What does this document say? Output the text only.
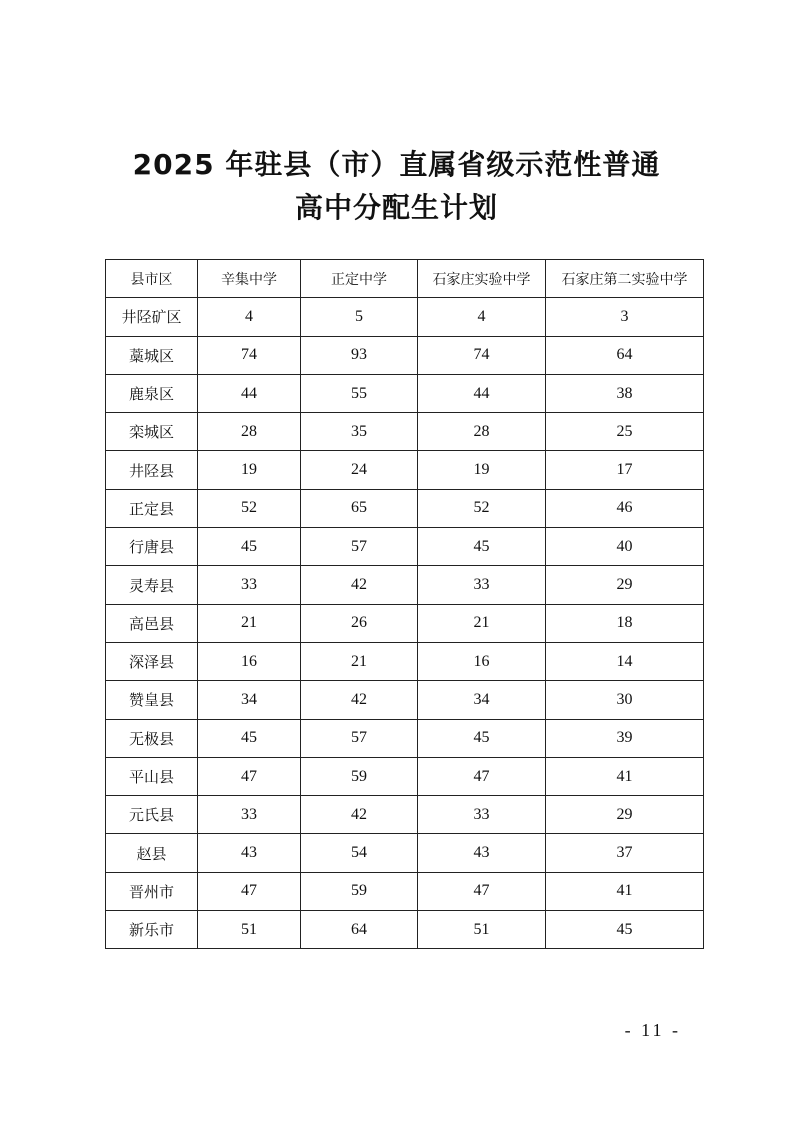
2025 年驻县（市）直属省级示范性普通
高中分配生计划
县市区	辛集中学	正定中学	石家庄实验中学	石家庄第二实验中学
井陉矿区	4	5	4	3
藁城区	74	93	74	64
鹿泉区	44	55	44	38
栾城区	28	35	28	25
井陉县	19	24	19	17
正定县	52	65	52	46
行唐县	45	57	45	40
灵寿县	33	42	33	29
高邑县	21	26	21	18
深泽县	16	21	16	14
赞皇县	34	42	34	30
无极县	45	57	45	39
平山县	47	59	47	41
元氏县	33	42	33	29
赵县	43	54	43	37
晋州市	47	59	47	41
新乐市	51	64	51	45
- 11 -
